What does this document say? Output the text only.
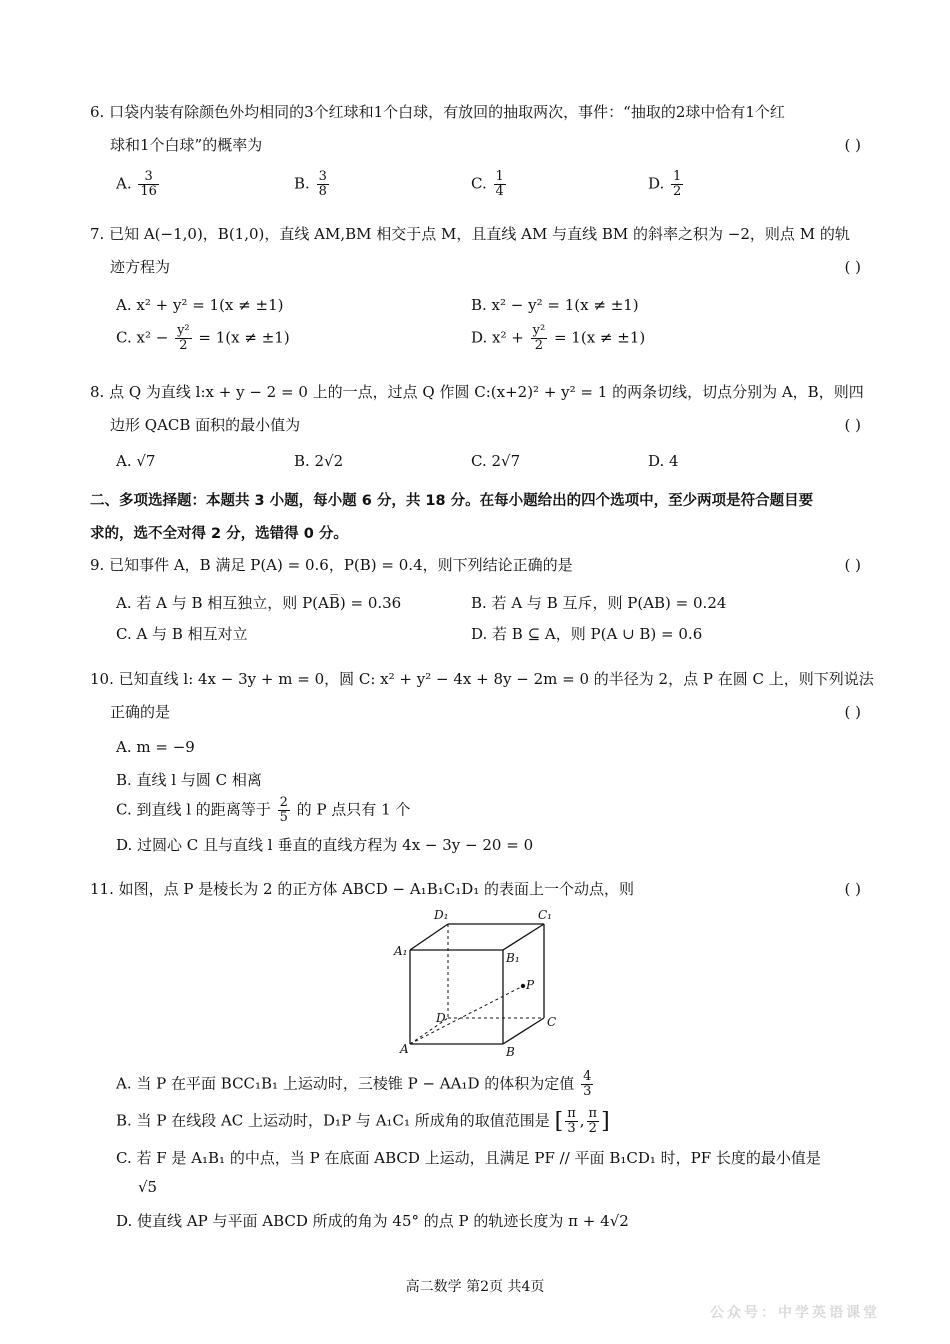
6. 口袋内装有除颜色外均相同的3个红球和1个白球，有放回的抽取两次，事件：“抽取的2球中恰有1个红
球和1个白球”的概率为	( )
A. $\frac{3}{16}$	B. $\frac{3}{8}$	C. $\frac{1}{4}$	D. $\frac{1}{2}$
7. 已知 A(−1,0)，B(1,0)，直线 AM,BM 相交于点 M，且直线 AM 与直线 BM 的斜率之积为 −2，则点 M 的轨
迹方程为	( )
A. x² + y² = 1(x ≠ ±1)	B. x² − y² = 1(x ≠ ±1)
C. $x^2 - \frac{\text{y²}}{2} = 1(x \ne \pm 1)$	D. $x^2 + \frac{\text{y²}}{2} = 1(x \ne \pm 1)$
8. 点 Q 为直线 l:x + y − 2 = 0 上的一点，过点 Q 作圆 C:(x+2)² + y² = 1 的两条切线，切点分别为 A，B，则四
边形 QACB 面积的最小值为	( )
A. √7	B. 2√2	C. 2√7	D. 4
二、多项选择题：本题共 3 小题，每小题 6 分，共 18 分。在每小题给出的四个选项中，至少两项是符合题目要
求的，选不全对得 2 分，选错得 0 分。
9. 已知事件 A，B 满足 P(A) = 0.6，P(B) = 0.4，则下列结论正确的是	( )
A. 若 A 与 B 相互独立，则 P(AB̅) = 0.36	B. 若 A 与 B 互斥，则 P(AB) = 0.24
C. A 与 B 相互对立	D. 若 B ⊆ A，则 P(A ∪ B) = 0.6
10. 已知直线 l: 4x − 3y + m = 0，圆 C: x² + y² − 4x + 8y − 2m = 0 的半径为 2，点 P 在圆 C 上，则下列说法
正确的是	( )
A. m = −9
B. 直线 l 与圆 C 相离
C. 到直线 l 的距离等于 $\frac{2}{5}$ 的 P 点只有 1 个
D. 过圆心 C 且与直线 l 垂直的直线方程为 4x − 3y − 20 = 0
11. 如图，点 P 是棱长为 2 的正方体 ABCD − A₁B₁C₁D₁ 的表面上一个动点，则	( )
D₁	C₁
A₁	B₁
P
D	C
A	B
A. 当 P 在平面 BCC₁B₁ 上运动时，三棱锥 P − AA₁D 的体积为定值 $\frac{4}{3}$
B. 当 P 在线段 AC 上运动时，D₁P 与 A₁C₁ 所成角的取值范围是 [ $\frac{\pi}{3}$ , $\frac{\pi}{2}$ ]
C. 若 F 是 A₁B₁ 的中点，当 P 在底面 ABCD 上运动，且满足 PF // 平面 B₁CD₁ 时，PF 长度的最小值是
√5
D. 使直线 AP 与平面 ABCD 所成的角为 45° 的点 P 的轨迹长度为 π + 4√2
高二数学 第2页 共4页
公众号：中学英语课堂
